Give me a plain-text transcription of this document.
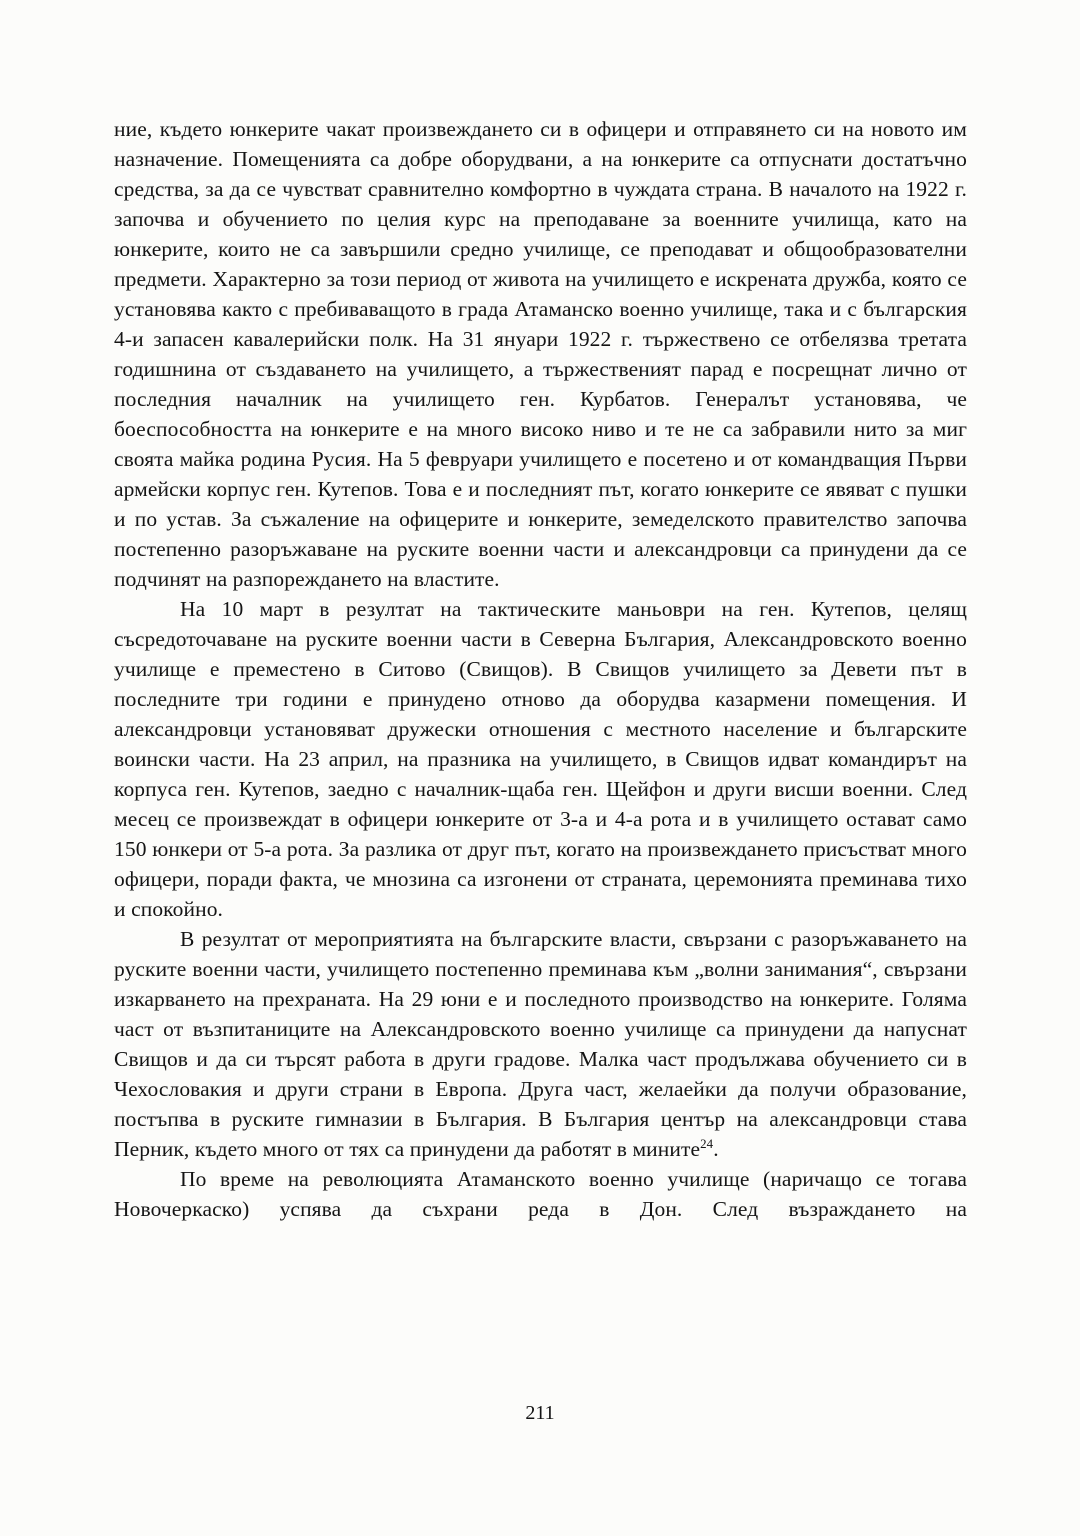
ние, където юнкерите чакат произвеждането си в офицери и отправянето си на новото им назначение. Помещенията са добре оборудвани, а на юнкерите са отпуснати достатъчно средства, за да се чувстват сравнително комфортно в чуждата страна. В началото на 1922 г. започва и обучението по целия курс на преподаване за военните училища, като на юнкерите, които не са завършили средно училище, се преподават и общообразователни предмети. Характерно за този период от живота на училището е искрената дружба, която се установява както с пребиваващото в града Атаманско военно училище, така и с българския 4-и запасен кавалерийски полк. На 31 януари 1922 г. тържествено се отбелязва третата годишнина от създаването на училището, а тържественият парад е посрещнат лично от последния началник на училището ген. Курбатов. Генералът установява, че боеспособността на юнкерите е на много високо ниво и те не са забравили нито за миг своята майка родина Русия. На 5 февруари училището е посетено и от командващия Първи армейски корпус ген. Кутепов. Това е и последният път, когато юнкерите се явяват с пушки и по устав. За съжаление на офицерите и юнкерите, земеделското правителство започва постепенно разоръжаване на руските военни части и александровци са принудени да се подчинят на разпореждането на властите.

На 10 март в резултат на тактическите маньоври на ген. Кутепов, целящ съсредоточаване на руските военни части в Северна България, Александровското военно училище е преместено в Ситово (Свищов). В Свищов училището за Девети път в последните три години е принудено отново да оборудва казармени помещения. И александровци установяват дружески отношения с местното население и българските воински части. На 23 април, на празника на училището, в Свищов идват командирът на корпуса ген. Кутепов, заедно с началник-щаба ген. Щейфон и други висши военни. След месец се произвеждат в офицери юнкерите от 3-а и 4-а рота и в училището остават само 150 юнкери от 5-а рота. За разлика от друг път, когато на произвеждането присъстват много офицери, поради факта, че мнозина са изгонени от страната, церемонията преминава тихо и спокойно.

В резултат от мероприятията на българските власти, свързани с разоръжаването на руските военни части, училището постепенно преминава към „волни занимания“, свързани изкарването на прехраната. На 29 юни е и последното производство на юнкерите. Голяма част от възпитаниците на Александровското военно училище са принудени да напуснат Свищов и да си търсят работа в други градове. Малка част продължава обучението си в Чехословакия и други страни в Европа. Друга част, желаейки да получи образование, постъпва в руските гимназии в България. В България център на александровци става Перник, където много от тях са принудени да работят в мините$^{24}$.

По време на революцията Атаманското военно училище (наричащо се тогава Новочеркаско) успява да съхрани реда в Дон. След възраждането на

211
